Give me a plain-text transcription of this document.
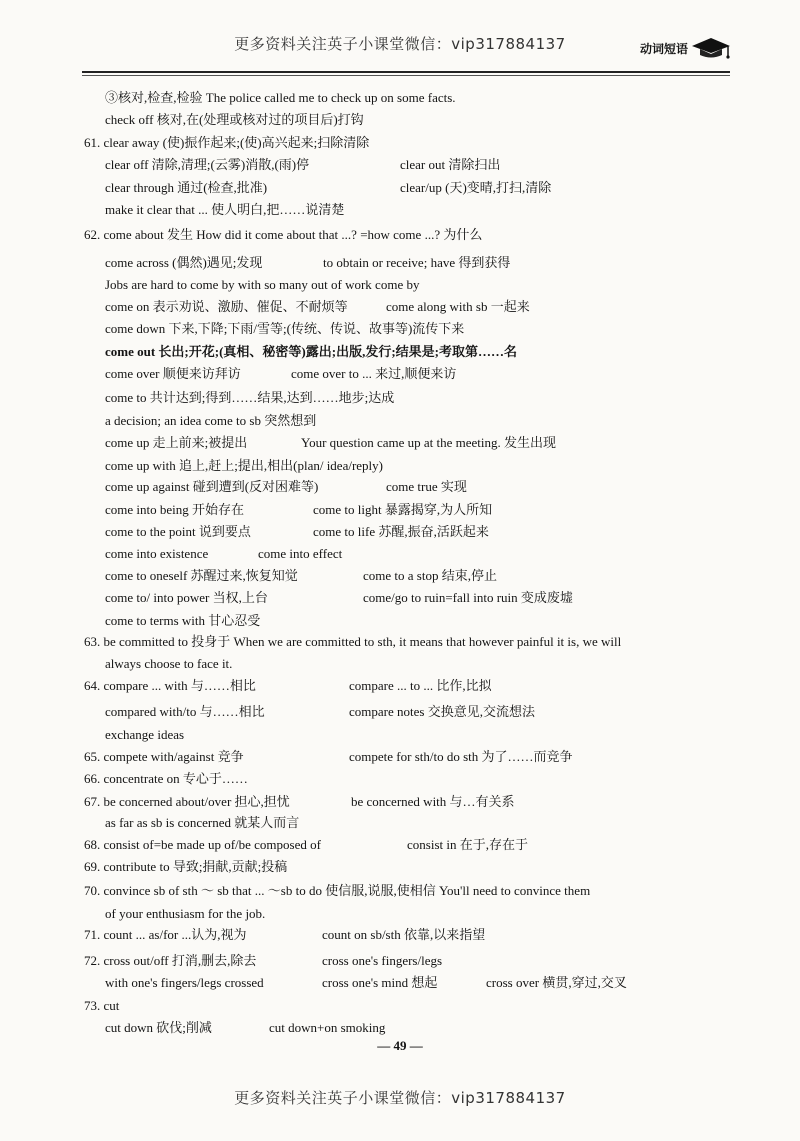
更多资料关注英子小课堂微信：vip317884137	动词短语
③核对,检查,检验 The police called me to check up on some facts.
check off 核对,在(处理或核对过的项目后)打钩
61. clear away (使)振作起来;(使)高兴起来;扫除清除
clear off 清除,清理;(云雾)消散,(雨)停	clear out 清除扫出
clear through 通过(检查,批准)	clear/up (天)变晴,打扫,清除
make it clear that ... 使人明白,把……说清楚
62. come about 发生 How did it come about that ...? =how come ...? 为什么
come across (偶然)遇见;发现	to obtain or receive; have 得到获得
Jobs are hard to come by with so many out of work come by
come on 表示劝说、激励、催促、不耐烦等	come along with sb 一起来
come down 下来,下降;下雨/雪等;(传统、传说、故事等)流传下来
come out 长出;开花;(真相、秘密等)露出;出版,发行;结果是;考取第……名
come over 顺便来访拜访	come over to ... 来过,顺便来访
come to 共计达到;得到……结果,达到……地步;达成
a decision; an idea come to sb 突然想到
come up 走上前来;被提出	Your question came up at the meeting. 发生出现
come up with 追上,赶上;提出,相出(plan/ idea/reply)
come up against 碰到遭到(反对困难等)	come true 实现
come into being 开始存在	come to light 暴露揭穿,为人所知
come to the point 说到要点	come to life 苏醒,振奋,活跃起来
come into existence	come into effect
come to oneself 苏醒过来,恢复知觉	come to a stop 结束,停止
come to/ into power 当权,上台	come/go to ruin=fall into ruin 变成废墟
come to terms with 甘心忍受
63. be committed to 投身于 When we are committed to sth, it means that however painful it is, we will
always choose to face it.
64. compare ... with 与……相比	compare ... to ... 比作,比拟
compared with/to 与……相比	compare notes 交换意见,交流想法
exchange ideas
65. compete with/against 竞争	compete for sth/to do sth 为了……而竞争
66. concentrate on 专心于……
67. be concerned about/over 担心,担忧	be concerned with 与…有关系
as far as sb is concerned 就某人而言
68. consist of=be made up of/be composed of	consist in 在于,存在于
69. contribute to 导致;捐献,贡献;投稿
70. convince sb of sth ～ sb that ... ～sb to do 使信服,说服,使相信 You'll need to convince them
of your enthusiasm for the job.
71. count ... as/for ...认为,视为	count on sb/sth 依靠,以来指望
72. cross out/off 打消,删去,除去	cross one's fingers/legs
with one's fingers/legs crossed	cross one's mind 想起	cross over 横贯,穿过,交叉
73. cut
cut down 砍伐;削减	cut down+on smoking
— 49 —
更多资料关注英子小课堂微信：vip317884137
